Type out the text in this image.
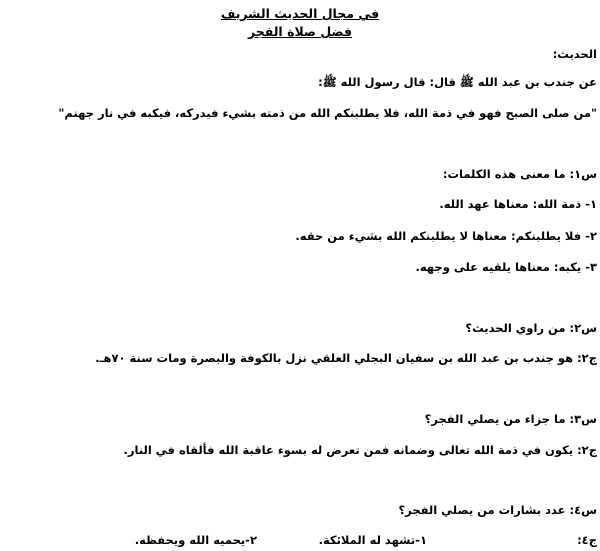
في مجال الحديث الشريف
فضل صلاة الفجر
الحديث:
عن جندب بن عبد الله ﷺ قال: قال رسول الله ﷺ:
"من صلى الصبح فهو في ذمة الله، فلا يطلبنكم الله من ذمته بشيء فيدركه، فيكبه في نار جهنم"
س١: ما معنى هذه الكلمات:
١- ذمة الله: معناها عهد الله.
٢- فلا يطلبنكم: معناها لا يطلبنكم الله بشيء من حقه.
٣- يكبه: معناها يلقيه على وجهه.
س٢: من راوي الحديث؟
ج٢: هو جندب بن عبد الله بن سفيان البجلي العلقي نزل بالكوفة والبصرة ومات سنة ٧٠هـ.
س٣: ما جزاء من يصلي الفجر؟
ج٢: يكون في ذمة الله تعالى وضمانه فمن تعرض له بسوء عاقبة الله فألقاه في النار.
س٤: عدد بشارات من يصلي الفجر؟
ج٤:١-تشهد له الملائكة.٢-يحميه الله ويحفظه.
